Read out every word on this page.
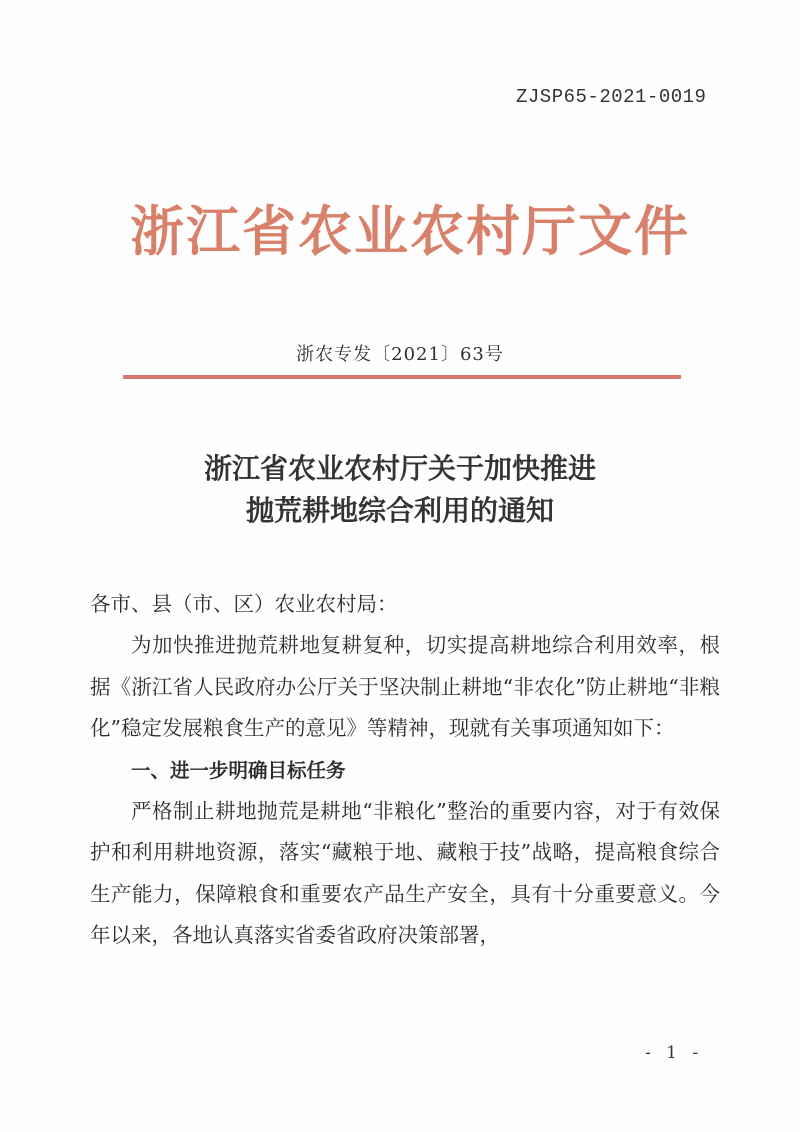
ZJSP65-2021-0019
浙江省农业农村厅文件
浙农专发〔2021〕63号
浙江省农业农村厅关于加快推进
抛荒耕地综合利用的通知

各市、县（市、区）农业农村局：

为加快推进抛荒耕地复耕复种，切实提高耕地综合利用效率，根据《浙江省人民政府办公厅关于坚决制止耕地“非农化”防止耕地“非粮化”稳定发展粮食生产的意见》等精神，现就有关事项通知如下：

一、进一步明确目标任务

严格制止耕地抛荒是耕地“非粮化”整治的重要内容，对于有效保护和利用耕地资源，落实“藏粮于地、藏粮于技”战略，提高粮食综合生产能力，保障粮食和重要农产品生产安全，具有十分重要意义。今年以来，各地认真落实省委省政府决策部署，

- 1 -
